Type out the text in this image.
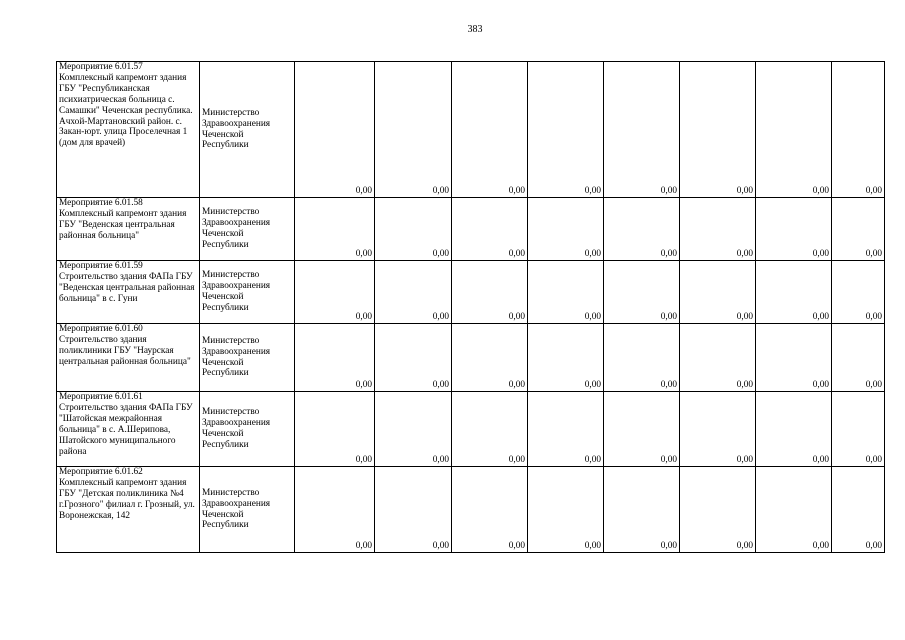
383
Мероприятие 6.01.57 Комплексный капремонт здания ГБУ "Республиканская психиатрическая больница с. Самашки" Чеченская республика. Ачхой-Мартановский район. с. Закан-юрт. улица Проселечная 1 (дом для врачей)	Министерство Здравоохранения Чеченской Республики	0,00	0,00	0,00	0,00	0,00	0,00	0,00	0,00

Мероприятие 6.01.58 Комплексный капремонт здания ГБУ "Веденская центральная районная больница"	Министерство Здравоохранения Чеченской Республики	0,00	0,00	0,00	0,00	0,00	0,00	0,00	0,00

Мероприятие 6.01.59 Строительство здания ФАПа ГБУ "Веденская центральная районная больница" в с. Гуни	Министерство Здравоохранения Чеченской Республики	0,00	0,00	0,00	0,00	0,00	0,00	0,00	0,00

Мероприятие 6.01.60 Строительство здания поликлиники ГБУ "Наурская центральная районная больница"	Министерство Здравоохранения Чеченской Республики	0,00	0,00	0,00	0,00	0,00	0,00	0,00	0,00

Мероприятие 6.01.61 Строительство здания ФАПа ГБУ "Шатойская межрайонная больница" в с. А.Шерипова, Шатойского муниципального района	Министерство Здравоохранения Чеченской Республики	0,00	0,00	0,00	0,00	0,00	0,00	0,00	0,00

Мероприятие 6.01.62 Комплексный капремонт здания ГБУ "Детская поликлиника №4 г.Грозного" филиал г. Грозный, ул. Воронежская, 142	Министерство Здравоохранения Чеченской Республики	0,00	0,00	0,00	0,00	0,00	0,00	0,00	0,00
